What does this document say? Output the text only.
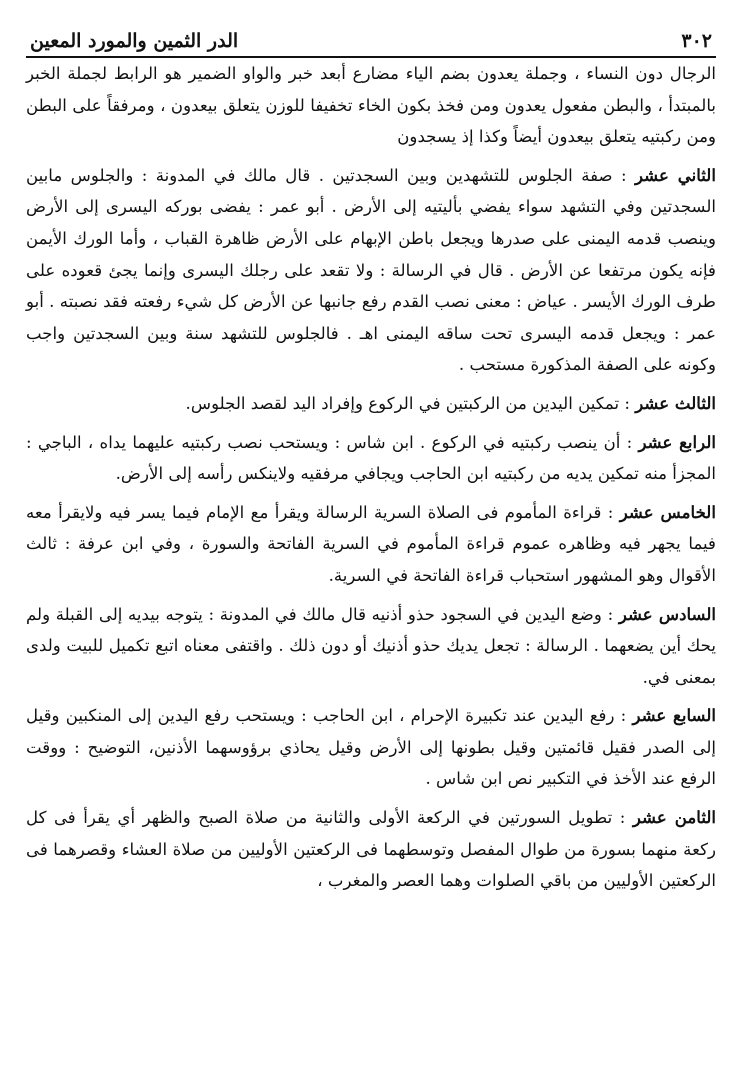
٣٠٢
الدر الثمين والمورد المعين

الرجال دون النساء ، وجملة يعدون بضم الياء مضارع أبعد خبر والواو الضمير هو الرابط لجملة الخبر بالمبتدأ ، والبطن مفعول يعدون ومن فخذ بكون الخاء تخفيفا للوزن يتعلق بيعدون ، ومرفقاً على البطن ومن ركبتيه يتعلق بيعدون أيضاً وكذا إذ يسجدون

الثاني عشر : صفة الجلوس للتشهدين وبين السجدتين . قال مالك في المدونة : والجلوس مابين السجدتين وفي التشهد سواء يفضي بأليتيه إلى الأرض . أبو عمر : يفضى بوركه اليسرى إلى الأرض وينصب قدمه اليمنى على صدرها ويجعل باطن الإبهام على الأرض ظاهرة القباب ، وأما الورك الأيمن فإنه يكون مرتفعا عن الأرض . قال في الرسالة : ولا تقعد على رجلك اليسرى وإنما يجئ قعوده على طرف الورك الأيسر . عياض : معنى نصب القدم رفع جانبها عن الأرض كل شيء رفعته فقد نصبته . أبو عمر : ويجعل قدمه اليسرى تحت ساقه اليمنى اهـ . فالجلوس للتشهد سنة وبين السجدتين واجب وكونه على الصفة المذكورة مستحب .

الثالث عشر : تمكين اليدين من الركبتين في الركوع وإفراد اليد لقصد الجلوس.

الرابع عشر : أن ينصب ركبتيه في الركوع . ابن شاس : ويستحب نصب ركبتيه عليهما يداه ، الباجي : المجزأ منه تمكين يديه من ركبتيه ابن الحاجب ويجافي مرفقيه ولاينكس رأسه إلى الأرض.

الخامس عشر : قراءة المأموم فى الصلاة السرية الرسالة ويقرأ مع الإمام فيما يسر فيه ولايقرأ معه فيما يجهر فيه وظاهره عموم قراءة المأموم في السرية الفاتحة والسورة ، وفي ابن عرفة : ثالث الأقوال وهو المشهور استحباب قراءة الفاتحة في السرية.

السادس عشر : وضع اليدين في السجود حذو أذنيه قال مالك في المدونة : يتوجه بيديه إلى القبلة ولم يحك أين يضعهما . الرسالة : تجعل يديك حذو أذنيك أو دون ذلك . واقتفى معناه اتبع تكميل للبيت ولدى بمعنى في.

السابع عشر : رفع اليدين عند تكبيرة الإحرام ، ابن الحاجب : ويستحب رفع اليدين إلى المنكبين وقيل إلى الصدر فقيل قائمتين وقيل بطونها إلى الأرض وقيل يحاذي برؤوسهما الأذنين، التوضيح : ووقت الرفع عند الأخذ في التكبير نص ابن شاس .

الثامن عشر : تطويل السورتين في الركعة الأولى والثانية من صلاة الصبح والظهر أي يقرأ فى كل ركعة منهما بسورة من طوال المفصل وتوسطهما فى الركعتين الأوليين من صلاة العشاء وقصرهما فى الركعتين الأوليين من باقي الصلوات وهما العصر والمغرب ،
